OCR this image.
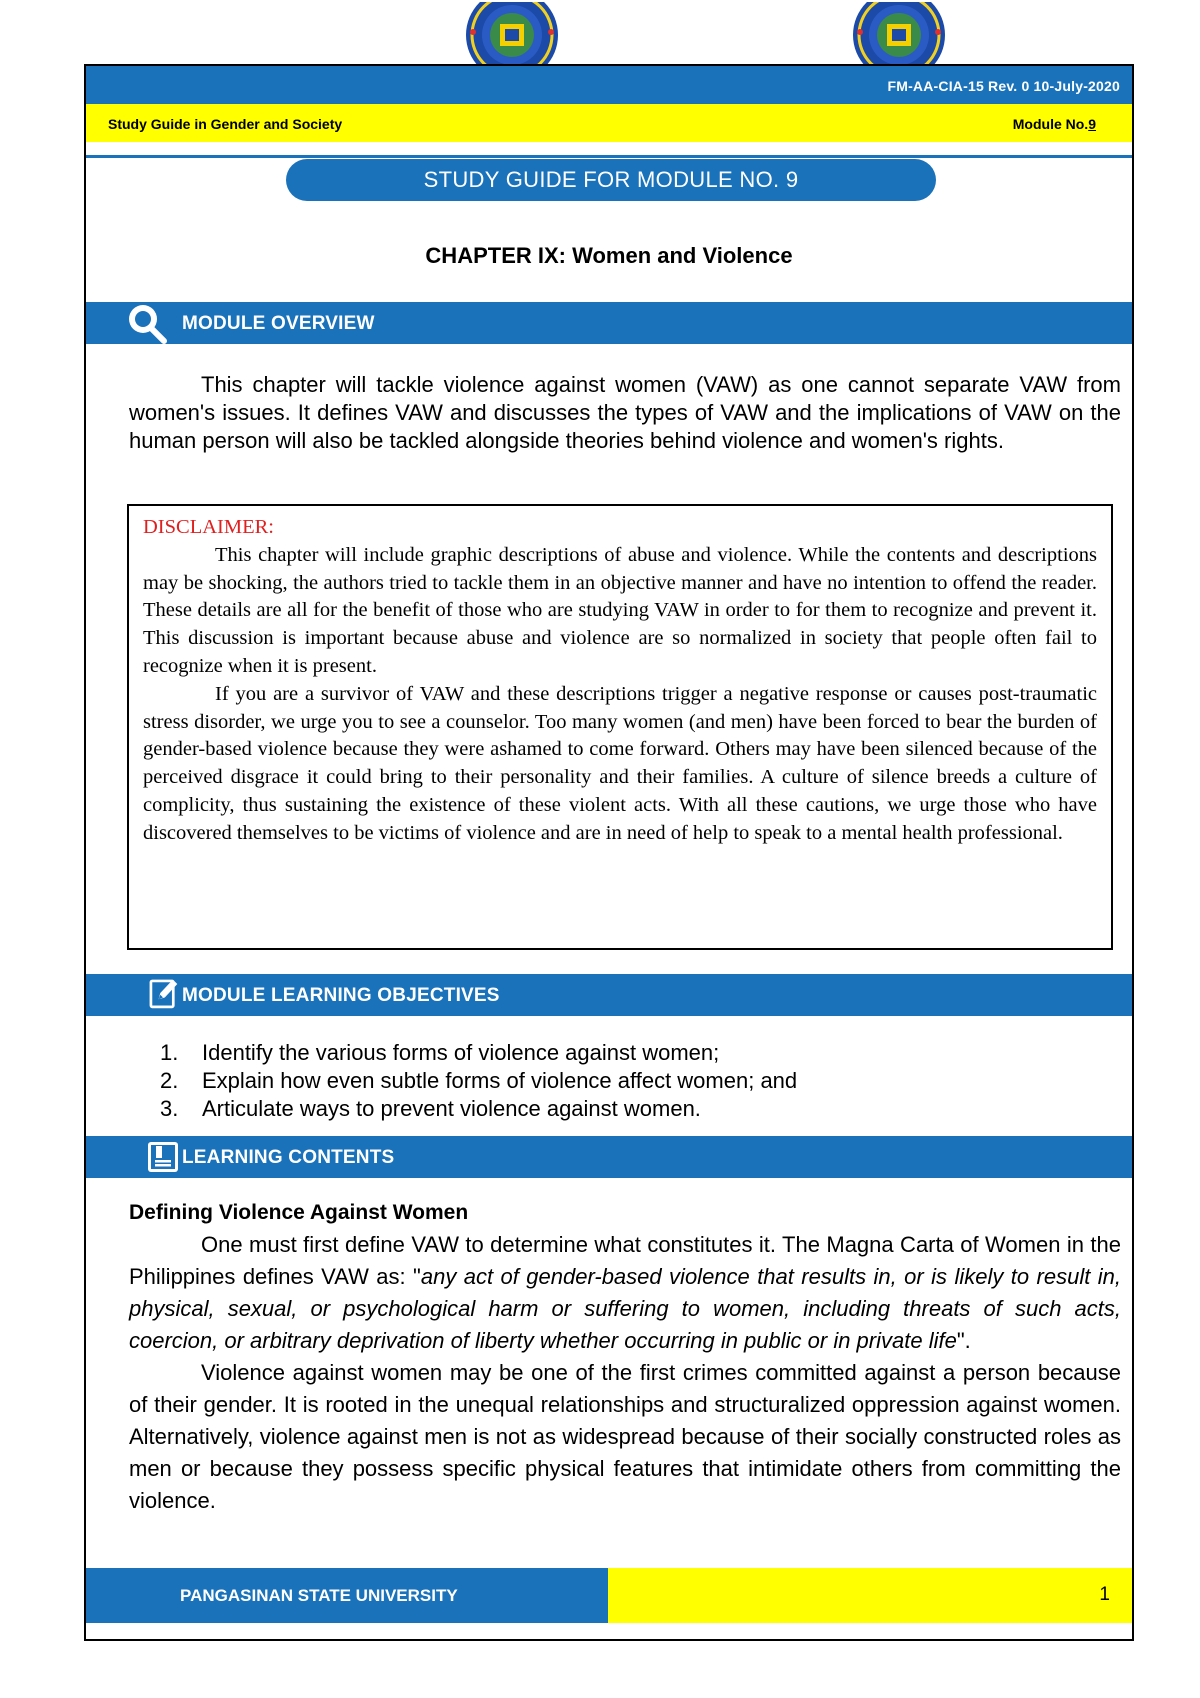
FM-AA-CIA-15 Rev. 0 10-July-2020
Study Guide in Gender and Society	Module No.9
STUDY GUIDE FOR MODULE NO. 9
CHAPTER IX: Women and Violence
MODULE OVERVIEW
This chapter will tackle violence against women (VAW) as one cannot separate VAW from women's issues. It defines VAW and discusses the types of VAW and the implications of VAW on the human person will also be tackled alongside theories behind violence and women's rights.
DISCLAIMER:

This chapter will include graphic descriptions of abuse and violence. While the contents and descriptions may be shocking, the authors tried to tackle them in an objective manner and have no intention to offend the reader. These details are all for the benefit of those who are studying VAW in order to for them to recognize and prevent it. This discussion is important because abuse and violence are so normalized in society that people often fail to recognize when it is present.

If you are a survivor of VAW and these descriptions trigger a negative response or causes post-traumatic stress disorder, we urge you to see a counselor. Too many women (and men) have been forced to bear the burden of gender-based violence because they were ashamed to come forward. Others may have been silenced because of the perceived disgrace it could bring to their personality and their families. A culture of silence breeds a culture of complicity, thus sustaining the existence of these violent acts. With all these cautions, we urge those who have discovered themselves to be victims of violence and are in need of help to speak to a mental health professional.

MODULE LEARNING OBJECTIVES
1.	Identify the various forms of violence against women;
2.	Explain how even subtle forms of violence affect women; and
3.	Articulate ways to prevent violence against women.
LEARNING CONTENTS
Defining Violence Against Women

One must first define VAW to determine what constitutes it. The Magna Carta of Women in the Philippines defines VAW as: "any act of gender-based violence that results in, or is likely to result in, physical, sexual, or psychological harm or suffering to women, including threats of such acts, coercion, or arbitrary deprivation of liberty whether occurring in public or in private life".

Violence against women may be one of the first crimes committed against a person because of their gender. It is rooted in the unequal relationships and structuralized oppression against women. Alternatively, violence against men is not as widespread because of their socially constructed roles as men or because they possess specific physical features that intimidate others from committing the violence.

PANGASINAN STATE UNIVERSITY	1
